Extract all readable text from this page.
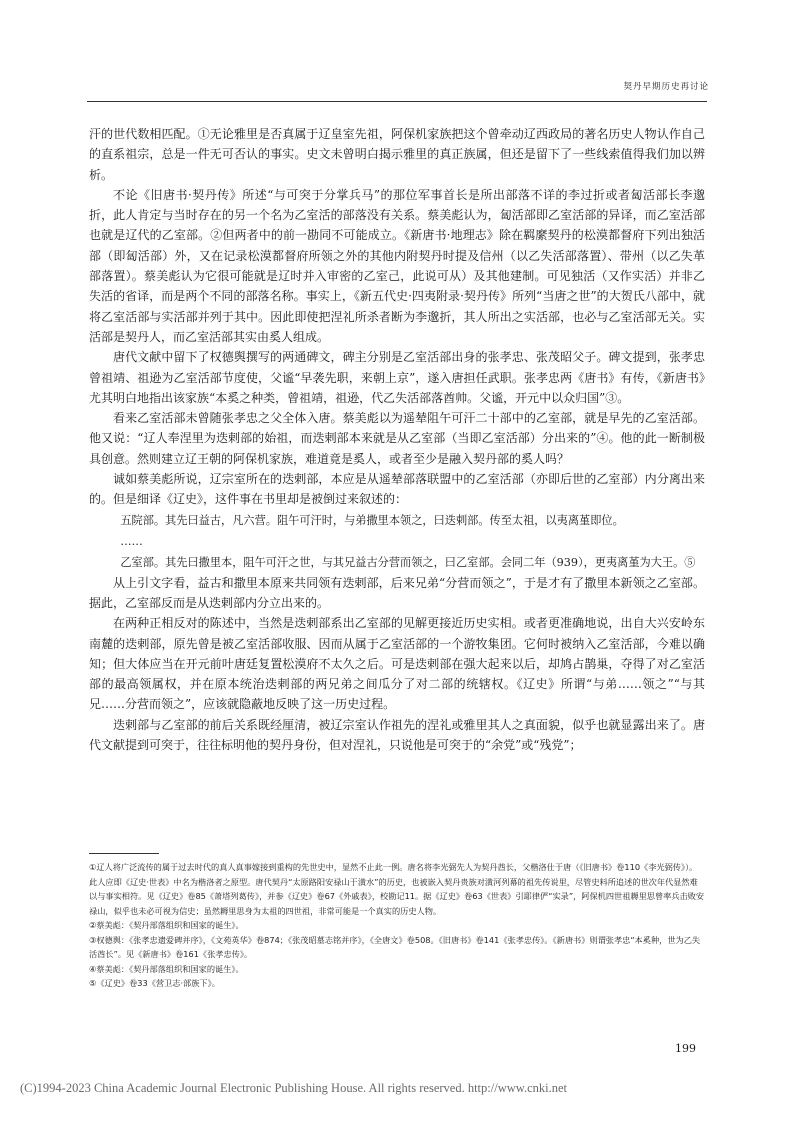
契丹早期历史再讨论

汗的世代数相匹配。①无论雅里是否真属于辽皇室先祖，阿保机家族把这个曾牵动辽西政局的著名历史人物认作自己的直系祖宗，总是一件无可否认的事实。史文未曾明白揭示雅里的真正族属，但还是留下了一些线索值得我们加以辨析。

不论《旧唐书·契丹传》所述“与可突于分掌兵马”的那位军事首长是所出部落不详的李过折或者匐活部长李邈折，此人肯定与当时存在的另一个名为乙室活的部落没有关系。蔡美彪认为，匐活部即乙室活部的异译，而乙室活部也就是辽代的乙室部。②但两者中的前一勘同不可能成立。《新唐书·地理志》除在羁縻契丹的松漠都督府下列出独活部（即匐活部）外，又在记录松漠都督府所领之外的其他内附契丹时提及信州（以乙失活部落置）、带州（以乙失革部落置）。蔡美彪认为它很可能就是辽时并入审密的乙室己，此说可从）及其他建制。可见独活（又作实活）并非乙失活的省译，而是两个不同的部落名称。事实上，《新五代史·四夷附录·契丹传》所列“当唐之世”的大贺氏八部中，就将乙室活部与实活部并列于其中。因此即使把涅礼所杀者断为李邈折，其人所出之实活部，也必与乙室活部无关。实活部是契丹人，而乙室活部其实由奚人组成。

唐代文献中留下了权德舆撰写的两通碑文，碑主分别是乙室活部出身的张孝忠、张茂昭父子。碑文提到，张孝忠曾祖靖、祖逊为乙室活部节度使，父谧“早袭先职，来朝上京”，遂入唐担任武职。张孝忠两《唐书》有传，《新唐书》尤其明白地指出该家族“本奚之种类，曾祖靖，祖逊，代乙失活部落酋帅。父谧，开元中以众归国”③。

看来乙室活部未曾随张孝忠之父全体入唐。蔡美彪以为遥辇阻午可汗二十部中的乙室部，就是早先的乙室活部。他又说：“辽人奉涅里为迭剌部的始祖，而迭剌部本来就是从乙室部（当即乙室活部）分出来的”④。他的此一断制极具创意。然则建立辽王朝的阿保机家族，难道竟是奚人，或者至少是融入契丹部的奚人吗？

诚如蔡美彪所说，辽宗室所在的迭剌部，本应是从遥辇部落联盟中的乙室活部（亦即后世的乙室部）内分离出来的。但是细译《辽史》，这件事在书里却是被倒过来叙述的：

五院部。其先曰益古，凡六营。阻午可汗时，与弟撒里本领之，曰迭剌部。传至太祖，以夷离堇即位。

……

乙室部。其先曰撒里本，阻午可汗之世，与其兄益古分营而领之，曰乙室部。会同二年（939），更夷离堇为大王。⑤

从上引文字看，益古和撒里本原来共同领有迭剌部，后来兄弟“分营而领之”，于是才有了撒里本新领之乙室部。据此，乙室部反而是从迭剌部内分立出来的。

在两种正相反对的陈述中，当然是迭剌部系出乙室部的见解更接近历史实相。或者更准确地说，出自大兴安岭东南麓的迭剌部，原先曾是被乙室活部收服、因而从属于乙室活部的一个游牧集团。它何时被纳入乙室活部，今难以确知；但大体应当在开元前叶唐廷复置松漠府不太久之后。可是迭剌部在强大起来以后，却鸠占鹊巢，夺得了对乙室活部的最高领属权，并在原本统治迭剌部的两兄弟之间瓜分了对二部的统辖权。《辽史》所谓“与弟……领之”“与其兄……分营而领之”，应该就隐蔽地反映了这一历史过程。

迭剌部与乙室部的前后关系既经厘清，被辽宗室认作祖先的涅礼或雅里其人之真面貌，似乎也就显露出来了。唐代文献提到可突于，往往标明他的契丹身份，但对涅礼，只说他是可突于的“余党”或“残党”；

①辽人将广泛流传的属于过去时代的真人真事嫁接到重构的先世史中，显然不止此一例。唐名将李光弼先人为契丹酋长，父楷洛仕于唐（《旧唐书》卷110《李光弼传》）。此人应即《辽史·世表》中名为楷洛者之原型。唐代契丹“太原路阳安禄山于潢水”的历史，也被嵌入契丹贵族对潢河列幕的祖先传说里，尽管史料所追述的世次年代显然难以与事实相符。见《辽史》卷85《萧塔列葛传》，并参《辽史》卷67《外戚表》，校勘记11。据《辽史》卷63《世表》引耶律俨“实录”，阿保机四世祖耨里思曾率兵击败安禄山，似乎也未必可视为信史；虽然耨里思身为太祖的四世祖，非常可能是一个真实的历史人物。

②蔡美彪：《契丹部落组织和国家的诞生》。

③权德舆：《张孝忠遗爱碑并序》，《文苑英华》卷874；《张茂昭墓志铭并序》，《全唐文》卷508。《旧唐书》卷141《张孝忠传》。《新唐书》则谓张孝忠“本奚种，世为乙失活酋长”。见《新唐书》卷161《张孝忠传》。

④蔡美彪：《契丹部落组织和国家的诞生》。

⑤《辽史》卷33《营卫志·部族下》。

199
(C)1994-2023 China Academic Journal Electronic Publishing House. All rights reserved. http://www.cnki.net
